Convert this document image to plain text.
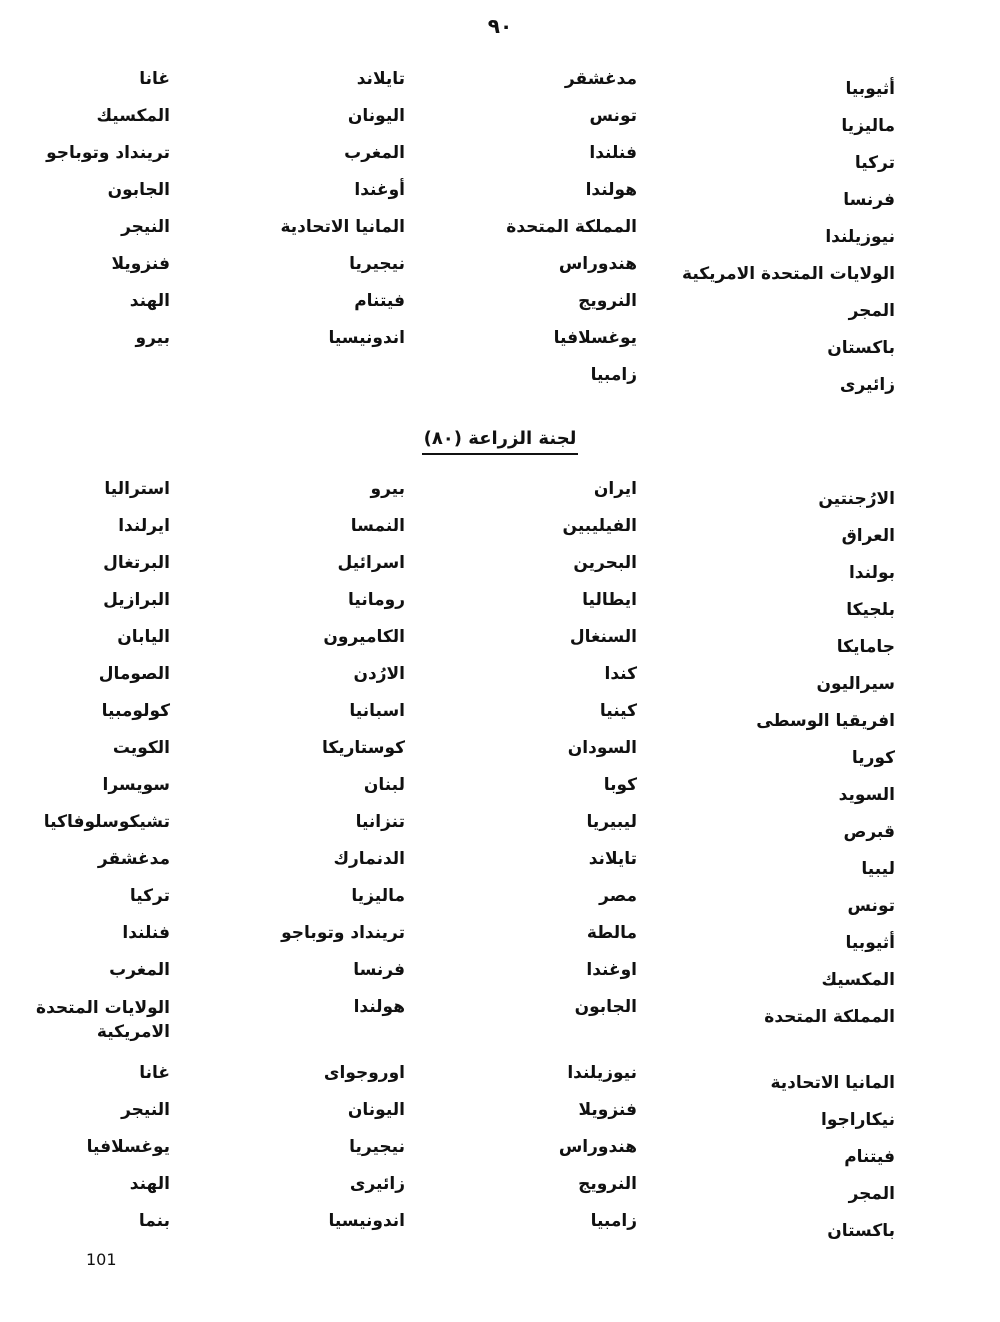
٩٠
أثيوبيا
مدغشقر
تايلاند
غانا
ماليزيا
تونس
اليونان
المكسيك
تركيا
فنلندا
المغرب
ترينداد وتوباجو
فرنسا
هولندا
أوغندا
الجابون
نيوزيلندا
المملكة المتحدة
المانيا الاتحادية
النيجر
الولايات المتحدة الامريكية
هندوراس
نيجيريا
فنزويلا
المجر
النرويج
فيتنام
الهند
باكستان
يوغسلافيا
اندونيسيا
بيرو
زائيرى
زامبيا
لجنة الزراعة (٨٠)
الارُجنتين
ايران
بيرو
استراليا
العراق
الفيليبين
النمسا
ايرلندا
بولندا
البحرين
اسرائيل
البرتغال
بلجيكا
ايطاليا
رومانيا
البرازيل
جامايكا
السنغال
الكاميرون
اليابان
سيراليون
كندا
الارُدن
الصومال
افريقيا الوسطى
كينيا
اسبانيا
كولومبيا
كوريا
السودان
كوستاريكا
الكويت
السويد
كوبا
لبنان
سويسرا
قبرص
ليبيريا
تنزانيا
تشيكوسلوفاكيا
ليبيا
تايلاند
الدنمارك
مدغشقر
تونس
مصر
ماليزيا
تركيا
أثيوبيا
مالطة
ترينداد وتوباجو
فنلندا
المكسيك
اوغندا
فرنسا
المغرب
المملكة المتحدة
الجابون
هولندا
الولايات المتحدة الامريكية
المانيا الاتحادية
نيوزيلندا
اوروجواى
غانا
نيكاراجوا
فنزويلا
اليونان
النيجر
فيتنام
هندوراس
نيجيريا
يوغسلافيا
المجر
النرويج
زائيرى
الهند
باكستان
زامبيا
اندونيسيا
بنما
101
